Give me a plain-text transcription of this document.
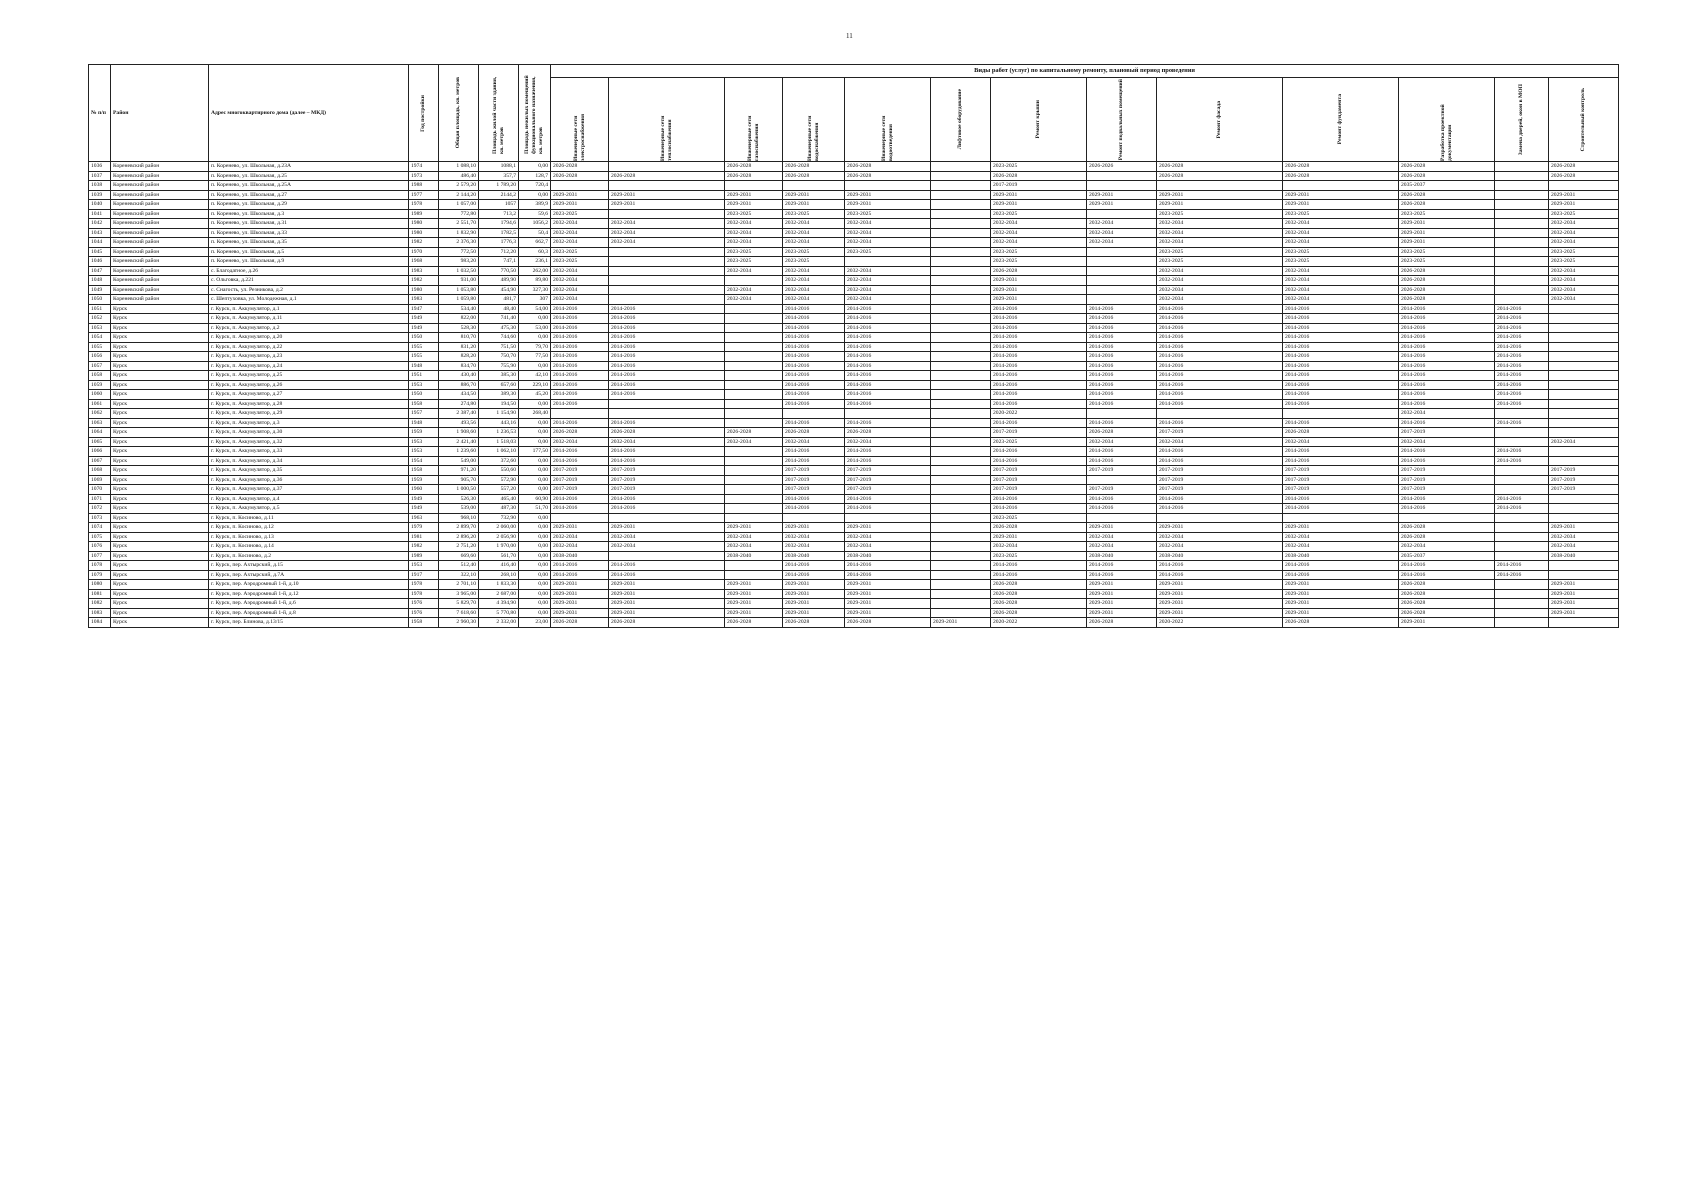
11
№ п/п	Район	Адрес многоквартирного дома (далее – МКД)	Год постройки	Общая площадь, кв. метров	Площадь жилой части здания, кв. метров	Площадь нежилых помещений функционального назначения, кв. метров	Виды работ (услуг) по капитальному ремонту, плановый период проведения												

							Инженерные сети электроснабжения	Инженерные сети теплоснабжения	Инженерные сети газоснабжения	Инженерные сети водоснабжения	Инженерные сети водоотведения	Лифтовое оборудование	Ремонт крыши	Ремонт подвальных помещений	Ремонт фасада	Ремонт фундамента	Разработка проектной документации	Замена дверей, окон в МОП	Строительный контроль

1036	Кореневский район	п. Коренево, ул. Школьная, д.23А	1974	1 088,10	1088,1	0,00	2026-2028		2026-2028	2026-2028	2026-2028		2023-2025	2026-2026	2026-2028	2026-2028	2026-2028		2026-2028
1037	Кореневский район	п. Коренево, ул. Школьная, д.25	1973	486,40	357,7	128,7	2026-2028	2026-2028	2026-2028	2026-2028	2026-2028		2026-2028		2026-2028	2026-2028	2026-2028		2026-2028
1038	Кореневский район	п. Коренево, ул. Школьная, д.25А	1988	2 579,20	1 789,20	720,4							2017-2019				2035-2037		
1039	Кореневский район	п. Коренево, ул. Школьная, д.27	1977	2 144,20	2144,2	0,00	2029-2031	2029-2031	2029-2031	2029-2031	2029-2031		2029-2031	2029-2031	2029-2031	2029-2031	2026-2028		2029-2031
1040	Кореневский район	п. Коренево, ул. Школьная, д.29	1978	1 057,00	1057	389,9	2029-2031	2029-2031	2029-2031	2029-2031	2029-2031		2029-2031	2029-2031	2029-2031	2029-2031	2026-2028		2029-2031
1041	Кореневский район	п. Коренево, ул. Школьная, д.3	1989	772,80	713,2	59,6	2023-2025		2023-2025	2023-2025	2023-2025		2023-2025		2023-2025	2023-2025	2023-2025		2023-2025
1042	Кореневский район	п. Коренево, ул. Школьная, д.31	1980	2 551,70	1794,6	1056,2	2032-2034	2032-2034	2032-2034	2032-2034	2032-2034		2032-2034	2032-2034	2032-2034	2032-2034	2029-2031		2032-2034
1043	Кореневский район	п. Коренево, ул. Школьная, д.33	1980	1 832,90	1782,5	50,4	2032-2034	2032-2034	2032-2034	2032-2034	2032-2034		2032-2034	2032-2034	2032-2034	2032-2034	2029-2031		2032-2034
1044	Кореневский район	п. Коренево, ул. Школьная, д.35	1982	2 376,30	1776,3	662,7	2032-2034	2032-2034	2032-2034	2032-2034	2032-2034		2032-2034	2032-2034	2032-2034	2032-2034	2029-2031		2032-2034
1045	Кореневский район	п. Коренево, ул. Школьная, д.5	1970	772,50	712,20	60,3	2023-2025		2023-2025	2023-2025	2023-2025		2023-2025		2023-2025	2023-2025	2023-2025		2023-2025
1046	Кореневский район	п. Коренево, ул. Школьная, д.9	1968	983,20	747,1	236,1	2023-2025		2023-2025	2023-2025			2023-2025		2023-2025	2023-2025	2023-2025		2023-2025
1047	Кореневский район	с. Благодатное, д.26	1983	1 032,50	770,50	262,00	2032-2034		2032-2034	2032-2034	2032-2034		2026-2028		2032-2034	2032-2034	2026-2028		2032-2034
1048	Кореневский район	с. Ольговка, д.221	1982	931,00	489,90	89,80	2032-2034			2032-2034	2032-2034		2029-2031		2032-2034	2032-2034	2026-2028		2032-2034
1049	Кореневский район	с. Снагость, ул. Резникова, д.2	1980	1 053,80	454,90	327,30	2032-2034		2032-2034	2032-2034	2032-2034		2029-2031		2032-2034	2032-2034	2026-2028		2032-2034
1050	Кореневский район	с. Шептуховка, ул. Молодежная, д.1	1983	1 059,80	481,7	307	2032-2034		2032-2034	2032-2034	2032-2034		2029-2031		2032-2034	2032-2034	2026-2028		2032-2034
1051	Курск	г. Курск, п. Аккумулятор, д.1	1947	534,40	48,40	54,00	2014-2016	2014-2016		2014-2016	2014-2016		2014-2016	2014-2016	2014-2016	2014-2016	2014-2016	2014-2016	
1052	Курск	г. Курск, п. Аккумулятор, д.11	1949	822,00	741,40	0,00	2014-2016	2014-2016		2014-2016	2014-2016		2014-2016	2014-2016	2014-2016	2014-2016	2014-2016	2014-2016	
1053	Курск	г. Курск, п. Аккумулятор, д.2	1949	528,30	475,30	53,00	2014-2016	2014-2016		2014-2016	2014-2016		2014-2016	2014-2016	2014-2016	2014-2016	2014-2016	2014-2016	
1054	Курск	г. Курск, п. Аккумулятор, д.20	1950	810,70	744,60	0,00	2014-2016	2014-2016		2014-2016	2014-2016		2014-2016	2014-2016	2014-2016	2014-2016	2014-2016	2014-2016	
1055	Курск	г. Курск, п. Аккумулятор, д.22	1955	831,20	751,50	79,70	2014-2016	2014-2016		2014-2016	2014-2016		2014-2016	2014-2016	2014-2016	2014-2016	2014-2016	2014-2016	
1056	Курск	г. Курск, п. Аккумулятор, д.23	1955	828,20	750,70	77,50	2014-2016	2014-2016		2014-2016	2014-2016		2014-2016	2014-2016	2014-2016	2014-2016	2014-2016	2014-2016	
1057	Курск	г. Курск, п. Аккумулятор, д.24	1948	834,70	755,90	0,00	2014-2016	2014-2016		2014-2016	2014-2016		2014-2016	2014-2016	2014-2016	2014-2016	2014-2016	2014-2016	
1058	Курск	г. Курск, п. Аккумулятор, д.25	1951	430,40	385,30	42,10	2014-2016	2014-2016		2014-2016	2014-2016		2014-2016	2014-2016	2014-2016	2014-2016	2014-2016	2014-2016	
1059	Курск	г. Курск, п. Аккумулятор, д.26	1953	886,70	657,60	229,10	2014-2016	2014-2016		2014-2016	2014-2016		2014-2016	2014-2016	2014-2016	2014-2016	2014-2016	2014-2016	
1060	Курск	г. Курск, п. Аккумулятор, д.27	1950	434,50	389,30	45,20	2014-2016	2014-2016		2014-2016	2014-2016		2014-2016	2014-2016	2014-2016	2014-2016	2014-2016	2014-2016	
1061	Курск	г. Курск, п. Аккумулятор, д.28	1958	274,80	194,50	0,00	2014-2016			2014-2016	2014-2016		2014-2016	2014-2016	2014-2016	2014-2016	2014-2016	2014-2016	
1062	Курск	г. Курск, п. Аккумулятор, д.29	1957	2 387,40	1 154,90	268,40							2020-2022				2032-2034		
1063	Курск	г. Курск, п. Аккумулятор, д.3	1948	493,56	443,16	0,00	2014-2016	2014-2016		2014-2016	2014-2016		2014-2016	2014-2016	2014-2016	2014-2016	2014-2016	2014-2016	
1064	Курск	г. Курск, п. Аккумулятор, д.30	1959	1 908,60	1 236,53	0,00	2026-2028	2026-2028	2026-2028	2026-2028	2026-2028		2017-2019	2026-2028	2017-2019	2026-2028	2017-2019		
1065	Курск	г. Курск, п. Аккумулятор, д.32	1953	2 421,40	1 518,03	0,00	2032-2034	2032-2034	2032-2034	2032-2034	2032-2034		2023-2025	2032-2034	2032-2034	2032-2034	2032-2034		2032-2034
1066	Курск	г. Курск, п. Аккумулятор, д.33	1953	1 239,60	1 062,10	177,50	2014-2016	2014-2016		2014-2016	2014-2016		2014-2016	2014-2016	2014-2016	2014-2016	2014-2016	2014-2016	
1067	Курск	г. Курск, п. Аккумулятор, д.34	1954	549,00	372,60	0,00	2014-2016	2014-2016		2014-2016	2014-2016		2014-2016	2014-2016	2014-2016	2014-2016	2014-2016	2014-2016	
1068	Курск	г. Курск, п. Аккумулятор, д.35	1958	971,20	550,60	0,00	2017-2019	2017-2019		2017-2019	2017-2019		2017-2019	2017-2019	2017-2019	2017-2019	2017-2019		2017-2019
1069	Курск	г. Курск, п. Аккумулятор, д.36	1959	905,70	572,90	0,00	2017-2019	2017-2019		2017-2019	2017-2019		2017-2019		2017-2019	2017-2019	2017-2019		2017-2019
1070	Курск	г. Курск, п. Аккумулятор, д.37	1960	1 000,50	557,20	0,00	2017-2019	2017-2019		2017-2019	2017-2019		2017-2019	2017-2019	2017-2019	2017-2019	2017-2019		2017-2019
1071	Курск	г. Курск, п. Аккумулятор, д.4	1949	526,30	465,40	60,90	2014-2016	2014-2016		2014-2016	2014-2016		2014-2016	2014-2016	2014-2016	2014-2016	2014-2016	2014-2016	
1072	Курск	г. Курск, п. Аккумулятор, д.5	1949	539,00	487,30	51,70	2014-2016	2014-2016		2014-2016	2014-2016		2014-2016	2014-2016	2014-2016	2014-2016	2014-2016	2014-2016	
1073	Курск	г. Курск, п. Косиново, д.11	1963	968,10	732,90	0,00							2023-2025						
1074	Курск	г. Курск, п. Косиново, д.12	1979	2 899,70	2 060,00	0,00	2029-2031	2029-2031	2029-2031	2029-2031	2029-2031		2026-2028	2029-2031	2029-2031	2029-2031	2026-2028		2029-2031
1075	Курск	г. Курск, п. Косиново, д.13	1981	2 896,20	2 056,90	0,00	2032-2034	2032-2034	2032-2034	2032-2034	2032-2034		2029-2031	2032-2034	2032-2034	2032-2034	2026-2028		2032-2034
1076	Курск	г. Курск, п. Косиново, д.14	1982	2 751,20	1 970,00	0,00	2032-2034	2032-2034	2032-2034	2032-2034	2032-2034		2032-2034	2032-2034	2032-2034	2032-2034	2032-2034		2032-2034
1077	Курск	г. Курск, п. Косиново, д.2	1989	669,60	561,70	0,00	2038-2040		2038-2040	2038-2040	2038-2040		2023-2025	2038-2040	2038-2040	2038-2040	2035-2037		2038-2040
1078	Курск	г. Курск, пер. Ахтырский, д.15	1953	512,40	416,40	0,00	2014-2016	2014-2016		2014-2016	2014-2016		2014-2016	2014-2016	2014-2016	2014-2016	2014-2016	2014-2016	
1079	Курск	г. Курск, пер. Ахтырский, д.7А	1917	322,10	268,10	0,00	2014-2016	2014-2016		2014-2016	2014-2016		2014-2016	2014-2016	2014-2016	2014-2016	2014-2016	2014-2016	
1080	Курск	г. Курск, пер. Аэродромный 1-й, д.10	1978	2 701,10	1 833,30	0,00	2029-2031	2029-2031	2029-2031	2029-2031	2029-2031		2026-2028	2029-2031	2029-2031	2029-2031	2026-2028		2029-2031
1081	Курск	г. Курск, пер. Аэродромный 1-й, д.12	1978	3 965,00	2 687,00	0,00	2029-2031	2029-2031	2029-2031	2029-2031	2029-2031		2026-2028	2029-2031	2029-2031	2029-2031	2026-2028		2029-2031
1082	Курск	г. Курск, пер. Аэродромный 1-й, д.6	1976	5 829,70	4 394,90	0,00	2029-2031	2029-2031	2029-2031	2029-2031	2029-2031		2026-2028	2029-2031	2029-2031	2029-2031	2026-2028		2029-2031
1083	Курск	г. Курск, пер. Аэродромный 1-й, д.8	1976	7 618,60	5 770,80	0,00	2029-2031	2029-2031	2029-2031	2029-2031	2029-2031		2026-2028	2029-2031	2029-2031	2029-2031	2026-2028		2029-2031
1084	Курск	г. Курск, пер. Блинова, д.13/15	1958	2 960,30	2 332,00	23,00	2026-2028	2026-2028	2026-2028	2026-2028	2026-2028	2029-2031	2020-2022	2026-2028	2020-2022	2026-2028	2029-2031		
